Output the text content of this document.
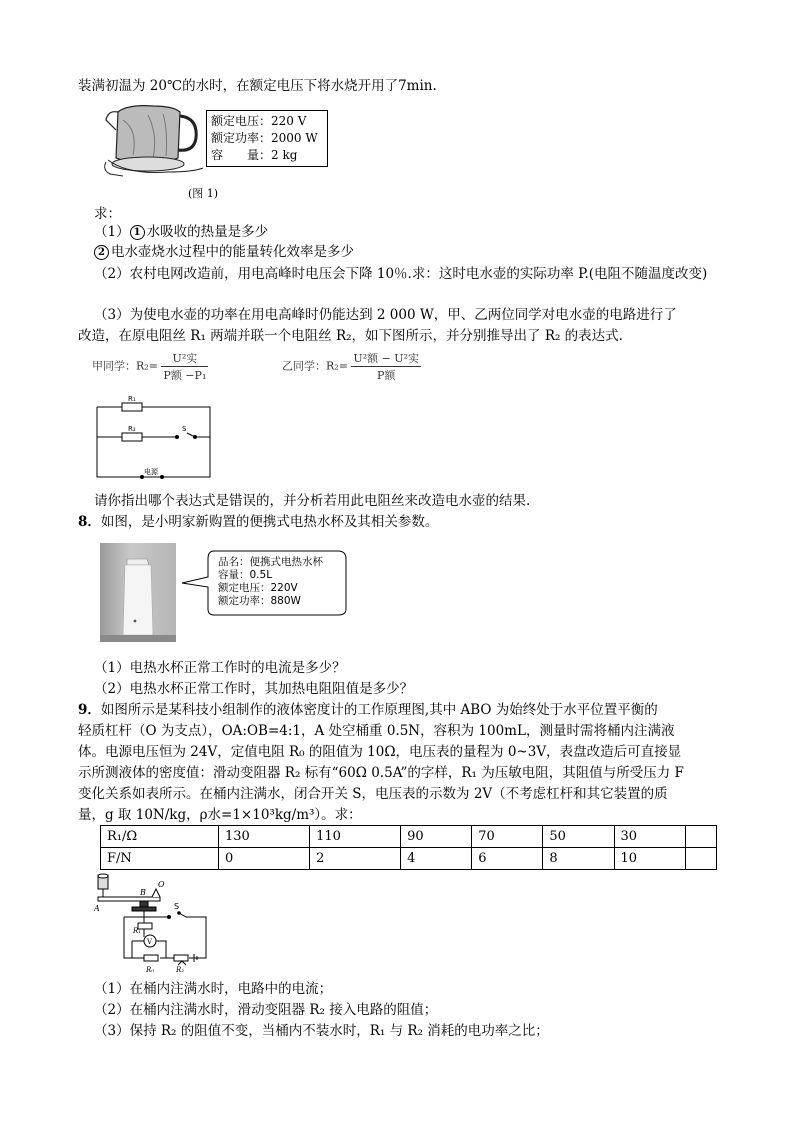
装满初温为 20℃的水时，在额定电压下将水烧开用了7min.
额定电压：220 V
额定功率：2000 W
容　　量：2 kg
(图 1)
求：
（1） 1 水吸收的热量是多少
2 电水壶烧水过程中的能量转化效率是多少
（2）农村电网改造前，用电高峰时电压会下降 10％.求：这时电水壶的实际功率 P.(电阻不随温度改变)
（3）为使电水壶的功率在用电高峰时仍能达到 2 000 W，甲、乙两位同学对电水壶的电路进行了
改造，在原电阻丝 R₁ 两端并联一个电阻丝 R₂，如下图所示，并分别推导出了 R₂ 的表达式.
甲同学：$R_2= \frac{\text{U²实}}{\text{P额 −P₁}}$	乙同学：$R_2= \frac{\text{U²额 − U²实}}{\text{P额}}$
R₁
R₂	S
电源
请你指出哪个表达式是错误的，并分析若用此电阻丝来改造电水壶的结果.
8．如图，是小明家新购置的便携式电热水杯及其相关参数。
品名：便携式电热水杯
容量：0.5L
额定电压：220V
额定功率：880W
（1）电热水杯正常工作时的电流是多少？
（2）电热水杯正常工作时，其加热电阻阻值是多少？
9．如图所示是某科技小组制作的液体密度计的工作原理图,其中 ABO 为始终处于水平位置平衡的
轻质杠杆（O 为支点），OA:OB=4:1，A 处空桶重 0.5N，容积为 100mL，测量时需将桶内注满液
体。电源电压恒为 24V，定值电阻 R₀ 的阻值为 10Ω，电压表的量程为 0~3V，表盘改造后可直接显
示所测液体的密度值：滑动变阻器 R₂ 标有“60Ω 0.5A”的字样，R₁ 为压敏电阻，其阻值与所受压力 F
变化关系如表所示。在桶内注满水，闭合开关 S，电压表的示数为 2V（不考虑杠杆和其它装置的质
量，g 取 10N/kg，ρ水=1×10³kg/m³）。求：
R₁/Ω	130	110	90	70	50	30	
F/N	0	2	4	6	8	10	
A
B
O
S
R₁
V
R₀	R₂
（1）在桶内注满水时，电路中的电流；
（2）在桶内注满水时，滑动变阻器 R₂ 接入电路的阻值；
（3）保持 R₂ 的阻值不变，当桶内不装水时，R₁ 与 R₂ 消耗的电功率之比；
